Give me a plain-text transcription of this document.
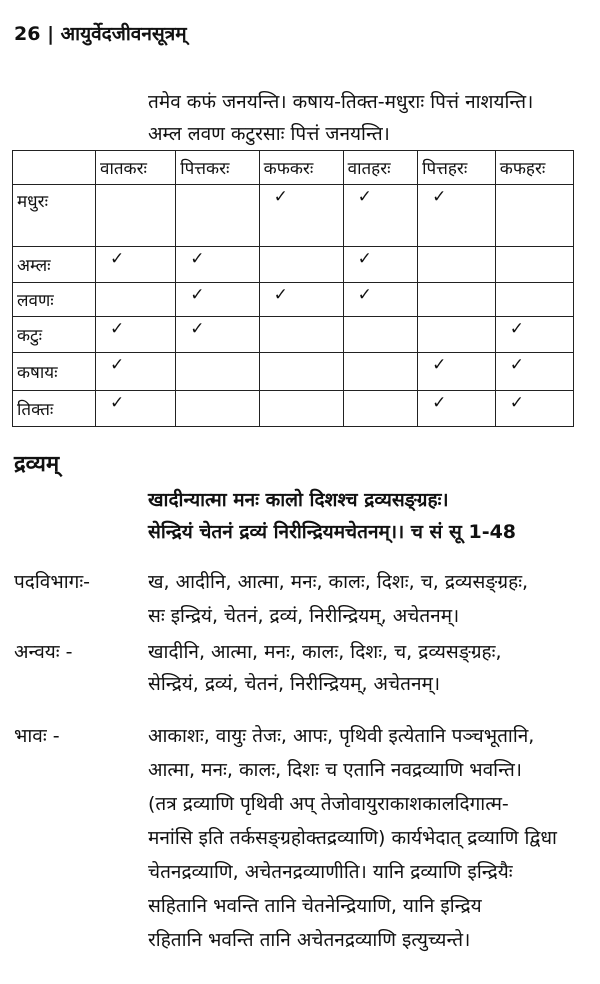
26 | आयुर्वेदजीवनसूत्रम्
तमेव कफं जनयन्ति। कषाय-तिक्त-मधुराः पित्तं नाशयन्ति।
अम्ल लवण कटुरसाः पित्तं जनयन्ति।
	वातकरः	पित्तकरः	कफकरः	वातहरः	पित्तहरः	कफहरः
मधुरः			✓	✓	✓	
अम्लः	✓	✓		✓		
लवणः		✓	✓	✓		
कटुः	✓	✓				✓
कषायः	✓				✓	✓
तिक्तः	✓				✓	✓
द्रव्यम्
खादीन्यात्मा मनः कालो दिशश्च द्रव्यसङ्ग्रहः।
सेन्द्रियं चेतनं द्रव्यं निरीन्द्रियमचेतनम्।। च सं सू 1-48
पदविभागः-	ख, आदीनि, आत्मा, मनः, कालः, दिशः, च, द्रव्यसङ्ग्रहः,
सः इन्द्रियं, चेतनं, द्रव्यं, निरीन्द्रियम्, अचेतनम्।
अन्वयः -	खादीनि, आत्मा, मनः, कालः, दिशः, च, द्रव्यसङ्ग्रहः,
सेन्द्रियं, द्रव्यं, चेतनं, निरीन्द्रियम्, अचेतनम्।
भावः -	आकाशः, वायुः तेजः, आपः, पृथिवी इत्येतानि पञ्चभूतानि,
आत्मा, मनः, कालः, दिशः च एतानि नवद्रव्याणि भवन्ति।
(तत्र द्रव्याणि पृथिवी अप् तेजोवायुराकाशकालदिगात्म-
मनांसि इति तर्कसङ्ग्रहोक्तद्रव्याणि) कार्यभेदात् द्रव्याणि द्विधा
चेतनद्रव्याणि, अचेतनद्रव्याणीति। यानि द्रव्याणि इन्द्रियैः
सहितानि भवन्ति तानि चेतनेन्द्रियाणि, यानि इन्द्रिय
रहितानि भवन्ति तानि अचेतनद्रव्याणि इत्युच्यन्ते।
